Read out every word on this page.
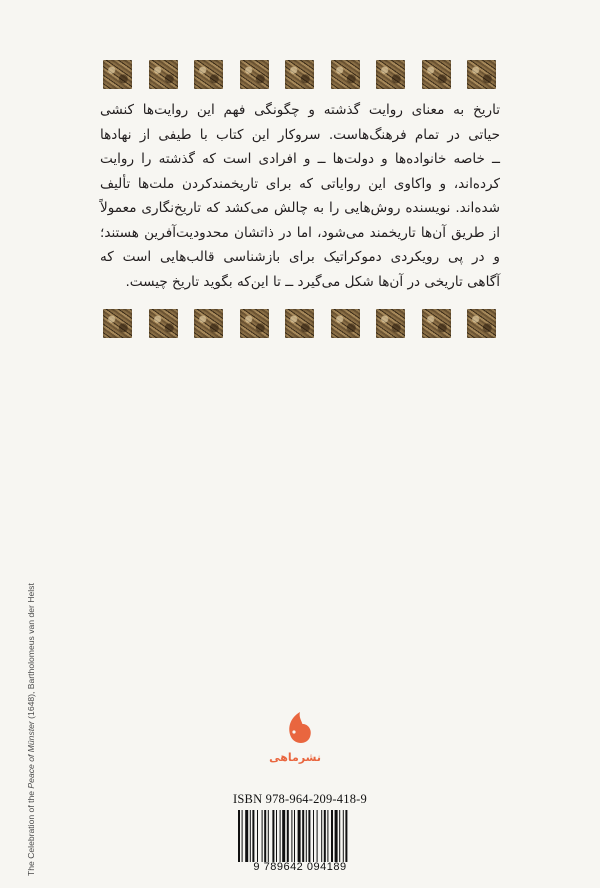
تاریخ به معنای روایت گذشته و چگونگی فهم این روایت‌ها کنشی
حیاتی در تمام فرهنگ‌هاست. سروکار این کتاب با طیفی از نهادها
ــ خاصه خانواده‌ها و دولت‌ها ــ و افرادی است که گذشته را روایت
کرده‌اند، و واکاوی این روایاتی که برای تاریخمندکردن ملت‌ها تألیف
شده‌اند. نویسنده روش‌هایی را به چالش می‌کشد که تاریخ‌نگاری معمولاً
از طریق آن‌ها تاریخمند می‌شود، اما در ذاتشان محدودیت‌آفرین هستند؛
و در پی رویکردی دموکراتیک برای بازشناسی قالب‌هایی است که
آگاهی تاریخی در آن‌ها شکل می‌گیرد ــ تا این‌که بگوید تاریخ چیست.

The Celebration of the Peace of Münster (1648), Bartholomeus van der Helst
نشرماهی
ISBN 978-964-209-418-9
9 789642 094189
